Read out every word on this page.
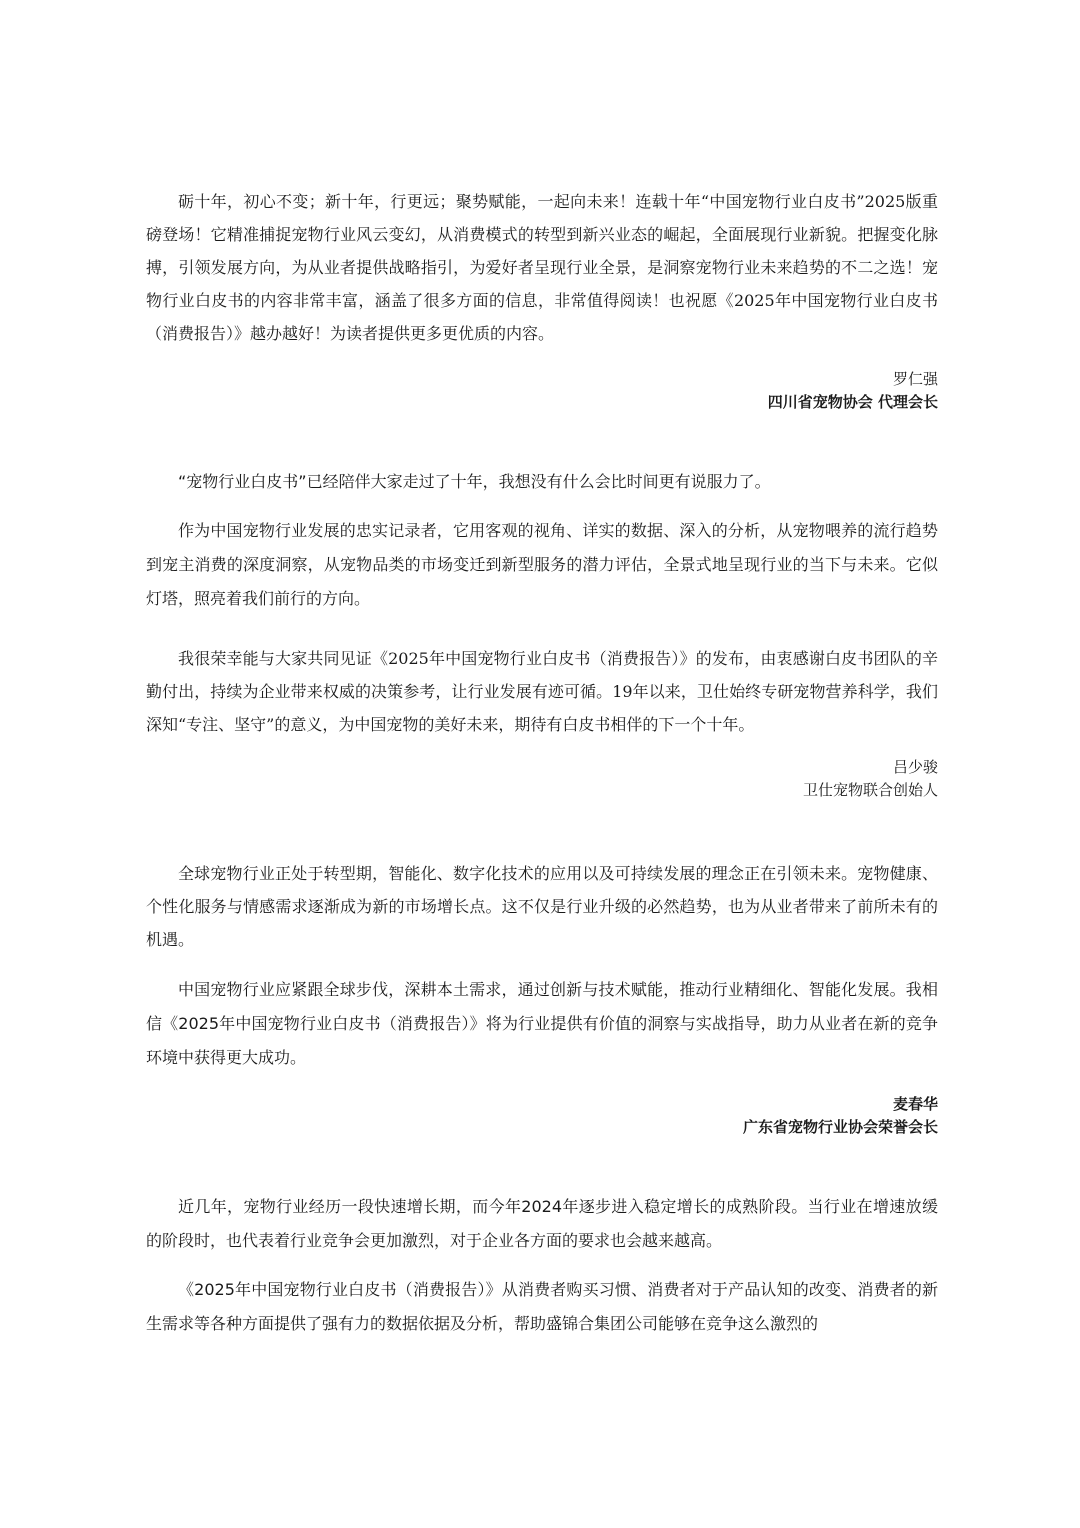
砺十年，初心不变；新十年，行更远；聚势赋能，一起向未来！连载十年“中国宠物行业白皮书”2025版重磅登场！它精准捕捉宠物行业风云变幻，从消费模式的转型到新兴业态的崛起，全面展现行业新貌。把握变化脉搏，引领发展方向，为从业者提供战略指引，为爱好者呈现行业全景，是洞察宠物行业未来趋势的不二之选！宠物行业白皮书的内容非常丰富，涵盖了很多方面的信息，非常值得阅读！也祝愿《2025年中国宠物行业白皮书（消费报告）》越办越好！为读者提供更多更优质的内容。

罗仁强
四川省宠物协会 代理会长

“宠物行业白皮书”已经陪伴大家走过了十年，我想没有什么会比时间更有说服力了。

作为中国宠物行业发展的忠实记录者，它用客观的视角、详实的数据、深入的分析，从宠物喂养的流行趋势到宠主消费的深度洞察，从宠物品类的市场变迁到新型服务的潜力评估，全景式地呈现行业的当下与未来。它似灯塔，照亮着我们前行的方向。

我很荣幸能与大家共同见证《2025年中国宠物行业白皮书（消费报告）》的发布，由衷感谢白皮书团队的辛勤付出，持续为企业带来权威的决策参考，让行业发展有迹可循。19年以来，卫仕始终专研宠物营养科学，我们深知“专注、坚守”的意义，为中国宠物的美好未来，期待有白皮书相伴的下一个十年。

吕少骏
卫仕宠物联合创始人

全球宠物行业正处于转型期，智能化、数字化技术的应用以及可持续发展的理念正在引领未来。宠物健康、个性化服务与情感需求逐渐成为新的市场增长点。这不仅是行业升级的必然趋势，也为从业者带来了前所未有的机遇。

中国宠物行业应紧跟全球步伐，深耕本土需求，通过创新与技术赋能，推动行业精细化、智能化发展。我相信《2025年中国宠物行业白皮书（消费报告）》将为行业提供有价值的洞察与实战指导，助力从业者在新的竞争环境中获得更大成功。

麦春华
广东省宠物行业协会荣誉会长

近几年，宠物行业经历一段快速增长期，而今年2024年逐步进入稳定增长的成熟阶段。当行业在增速放缓的阶段时，也代表着行业竞争会更加激烈，对于企业各方面的要求也会越来越高。

《2025年中国宠物行业白皮书（消费报告）》从消费者购买习惯、消费者对于产品认知的改变、消费者的新生需求等各种方面提供了强有力的数据依据及分析，帮助盛锦合集团公司能够在竞争这么激烈的
